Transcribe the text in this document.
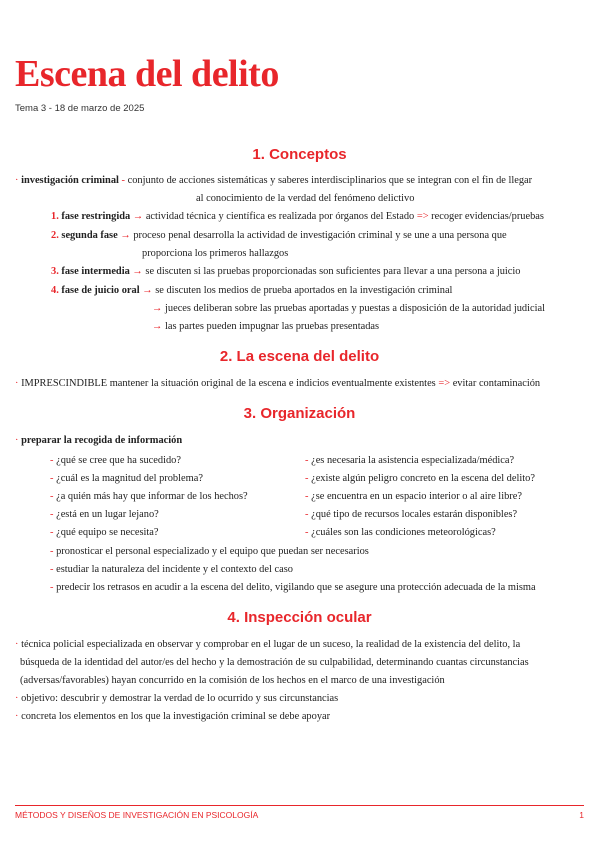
Escena del delito
Tema 3 - 18 de marzo de 2025
1. Conceptos
· investigación criminal - conjunto de acciones sistemáticas y saberes interdisciplinarios que se integran con el fin de llegar
al conocimiento de la verdad del fenómeno delictivo
1. fase restringida → actividad técnica y científica es realizada por órganos del Estado => recoger evidencias/pruebas
2. segunda fase → proceso penal desarrolla la actividad de investigación criminal y se une a una persona que
proporciona los primeros hallazgos
3. fase intermedia → se discuten si las pruebas proporcionadas son suficientes para llevar a una persona a juicio
4. fase de juicio oral → se discuten los medios de prueba aportados en la investigación criminal
→ jueces deliberan sobre las pruebas aportadas y puestas a disposición de la autoridad judicial
→ las partes pueden impugnar las pruebas presentadas
2. La escena del delito
· IMPRESCINDIBLE mantener la situación original de la escena e indicios eventualmente existentes => evitar contaminación
3. Organización
· preparar la recogida de información
- ¿qué se cree que ha sucedido?
- ¿cuál es la magnitud del problema?
- ¿a quién más hay que informar de los hechos?
- ¿está en un lugar lejano?
- ¿qué equipo se necesita?
- ¿es necesaria la asistencia especializada/médica?
- ¿existe algún peligro concreto en la escena del delito?
- ¿se encuentra en un espacio interior o al aire libre?
- ¿qué tipo de recursos locales estarán disponibles?
- ¿cuáles son las condiciones meteorológicas?
- pronosticar el personal especializado y el equipo que puedan ser necesarios
- estudiar la naturaleza del incidente y el contexto del caso
- predecir los retrasos en acudir a la escena del delito, vigilando que se asegure una protección adecuada de la misma
4. Inspección ocular
· técnica policial especializada en observar y comprobar en el lugar de un suceso, la realidad de la existencia del delito, la
búsqueda de la identidad del autor/es del hecho y la demostración de su culpabilidad, determinando cuantas circunstancias
(adversas/favorables) hayan concurrido en la comisión de los hechos en el marco de una investigación
· objetivo: descubrir y demostrar la verdad de lo ocurrido y sus circunstancias
· concreta los elementos en los que la investigación criminal se debe apoyar
MÉTODOS Y DISEÑOS DE INVESTIGACIÓN EN PSICOLOGÍA	1
